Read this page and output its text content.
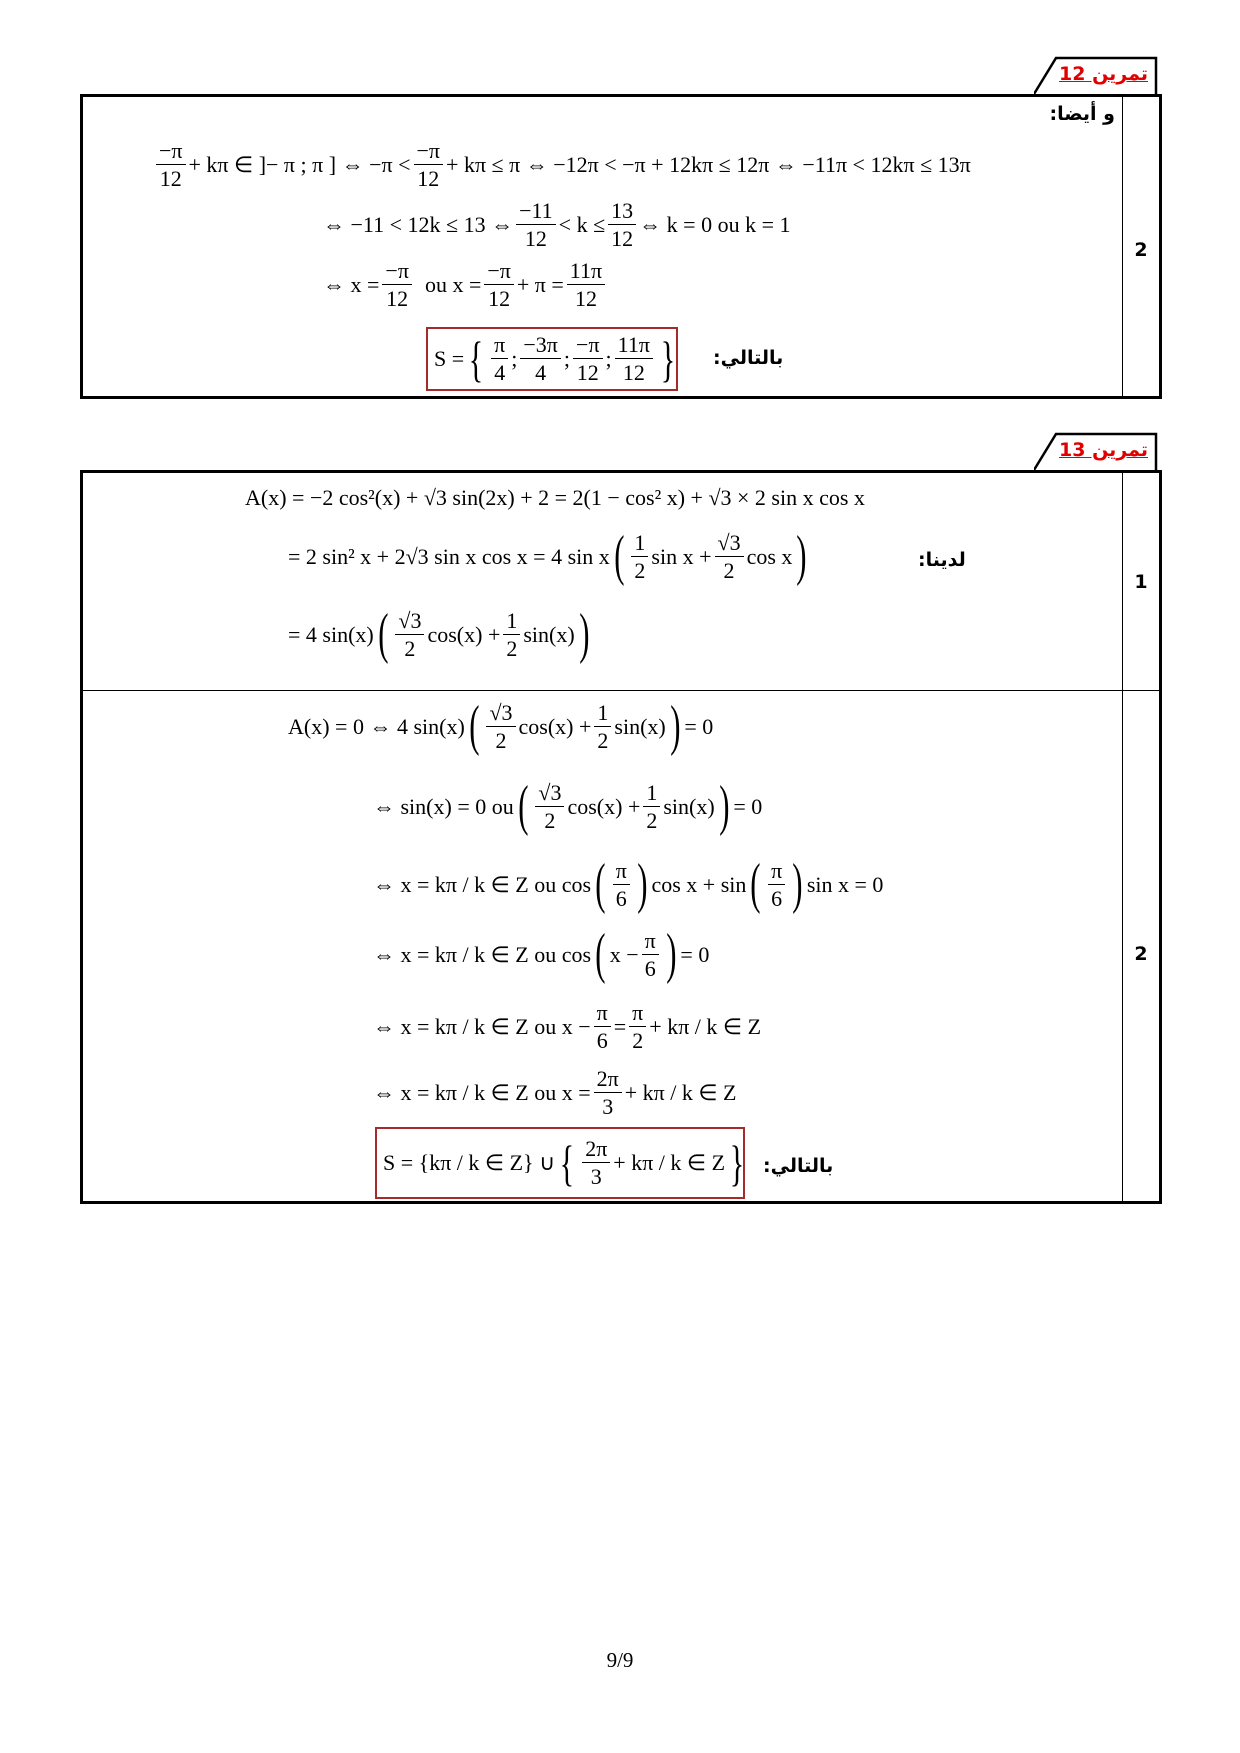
تمرين 12
2
و أيضا:
$\frac{-\pi}{12} + k\pi$ ∈ ]− π ; π ] ⇔ $-\pi < \frac{-\pi}{12} + k\pi \le \pi$ ⇔ −12π < −π + 12kπ ≤ 12π ⇔ −11π < 12kπ ≤ 13π
⇔ −11 < 12k ≤ 13 ⇔ $\frac{-11}{12} < k \le \frac{13}{12}$ ⇔ k = 0 ou k = 1
⇔ $x = \frac{-\pi}{12}$ ou $x = \frac{-\pi}{12} + \pi = \frac{11\pi}{12}$
S ={ $\frac{\pi}{4}$ ; $\frac{-3\pi}{4}$ ; $\frac{-\pi}{12}$ ; $\frac{11\pi}{12}$ } بالتالي:
تمرين 13
1
لدينا:
A(x) = −2 cos²(x) + √3 sin(2x) + 2 = 2(1 − cos² x) + √3 × 2 sin x cos x
= 2 sin² x + 2√3 sin x cos x = 4 $\sin x( \frac{1}{2}$ $\sin x + \frac{√3}{2}$ cos x)
= 4 $\sin(x)( \frac{√3}{2} \cos(x) + \frac{1}{2} \sin(x))$
2
A(x) = 0 ⇔ 4 $\sin(x)( \frac{√3}{2} \cos(x) + \frac{1}{2} \sin(x)) = 0$
⇔ sin(x) = 0 $ou( \frac{√3}{2} \cos(x) + \frac{1}{2} \sin(x)) = 0$
⇔ x = kπ / k ∈ Z ou $\cos( \frac{\pi}{6}$ ) $\cos x + \sin( \frac{\pi}{6}$ ) sin x = 0
⇔ x = kπ / k ∈ Z ou cos( $x - \frac{\pi}{6}$ ) = 0
⇔ x = kπ / k ∈ Z ou $x - \frac{\pi}{6} = \frac{\pi}{2} + k\pi / k$ ∈ Z
⇔ x = kπ / k ∈ Z ou $x = \frac{2\pi}{3} + k\pi / k$ ∈ Z
S = {kπ / k ∈ Z} ∪{ $\frac{2\pi}{3} + k\pi / k$ ∈ Z} بالتالي:
9/9
